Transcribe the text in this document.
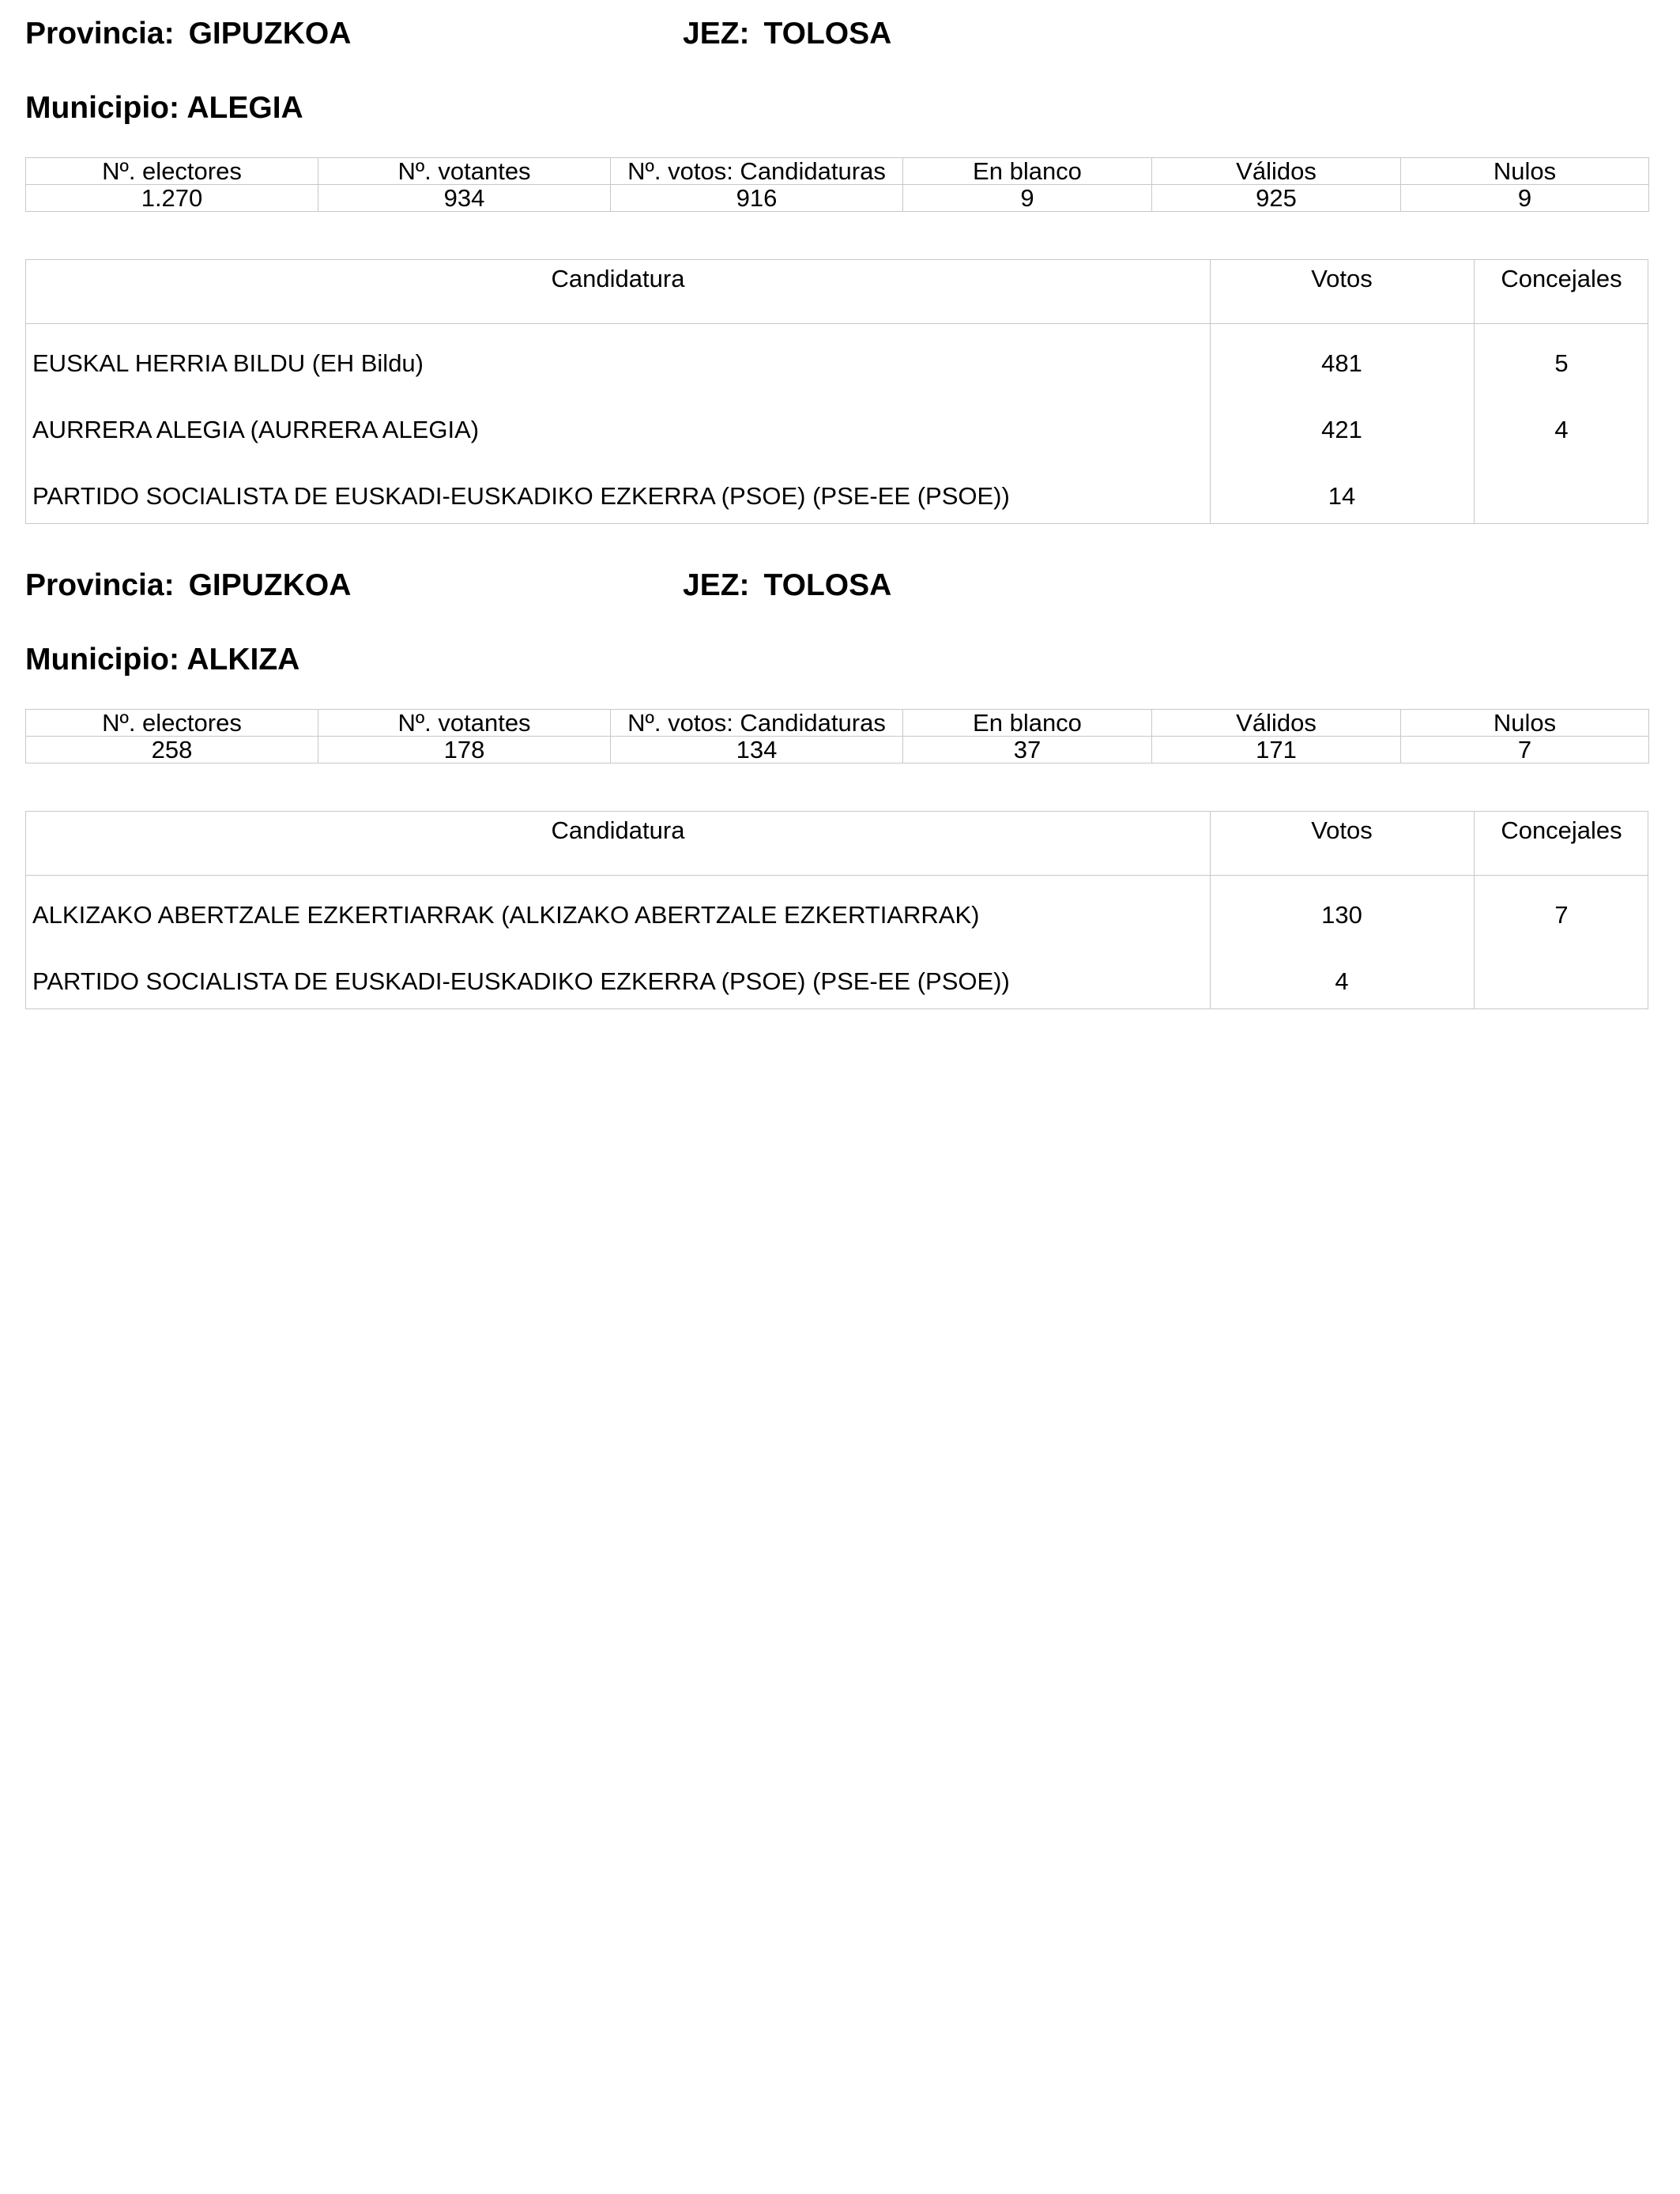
Provincia: GIPUZKOA	JEZ: TOLOSA
Municipio: ALEGIA
Nº. electores	Nº. votantes	Nº. votos: Candidaturas	En blanco	Válidos	Nulos
1.270	934	916	9	925	9
Candidatura	Votos	Concejales
EUSKAL HERRIA BILDU (EH Bildu)	481	5
AURRERA ALEGIA (AURRERA ALEGIA)	421	4
PARTIDO SOCIALISTA DE EUSKADI-EUSKADIKO EZKERRA (PSOE) (PSE-EE (PSOE))	14
Provincia: GIPUZKOA	JEZ: TOLOSA
Municipio: ALKIZA
Nº. electores	Nº. votantes	Nº. votos: Candidaturas	En blanco	Válidos	Nulos
258	178	134	37	171	7
Candidatura	Votos	Concejales
ALKIZAKO ABERTZALE EZKERTIARRAK (ALKIZAKO ABERTZALE EZKERTIARRAK)	130	7
PARTIDO SOCIALISTA DE EUSKADI-EUSKADIKO EZKERRA (PSOE) (PSE-EE (PSOE))	4
